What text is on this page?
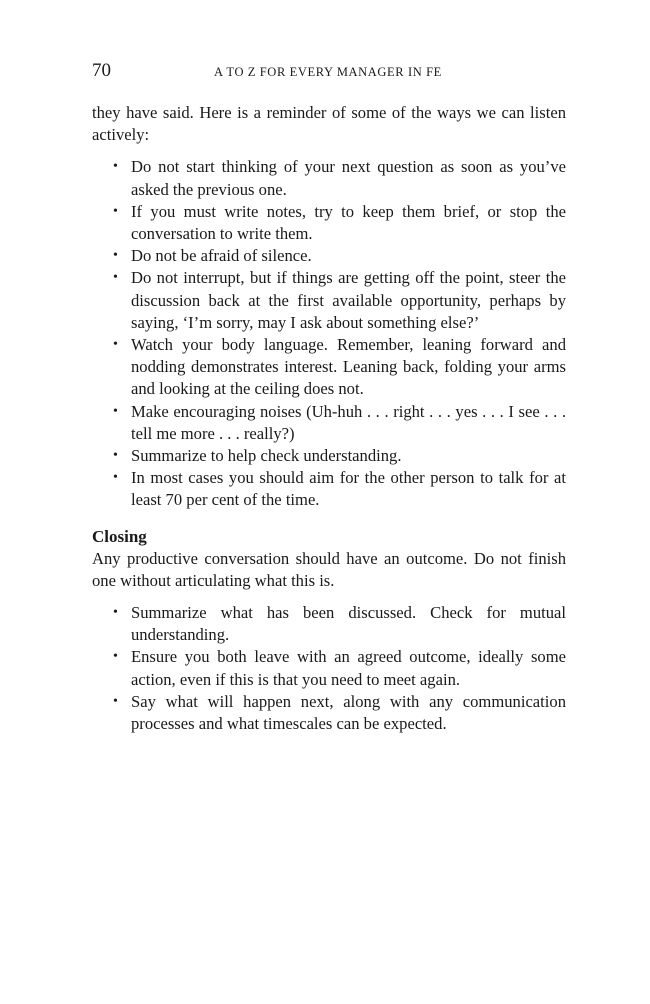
70	A TO Z FOR EVERY MANAGER IN FE

they have said. Here is a reminder of some of the ways we can listen actively:

• Do not start thinking of your next question as soon as you’ve asked the previous one.
• If you must write notes, try to keep them brief, or stop the conversation to write them.
• Do not be afraid of silence.
• Do not interrupt, but if things are getting off the point, steer the discussion back at the first available opportunity, perhaps by saying, ‘I’m sorry, may I ask about something else?’
• Watch your body language. Remember, leaning forward and nodding demonstrates interest. Leaning back, folding your arms and looking at the ceiling does not.
• Make encouraging noises (Uh-huh . . . right . . . yes . . . I see . . . tell me more . . . really?)
• Summarize to help check understanding.
• In most cases you should aim for the other person to talk for at least 70 per cent of the time.
Closing

Any productive conversation should have an outcome. Do not finish one without articulating what this is.

• Summarize what has been discussed. Check for mutual understanding.
• Ensure you both leave with an agreed outcome, ideally some action, even if this is that you need to meet again.
• Say what will happen next, along with any communication processes and what timescales can be expected.
